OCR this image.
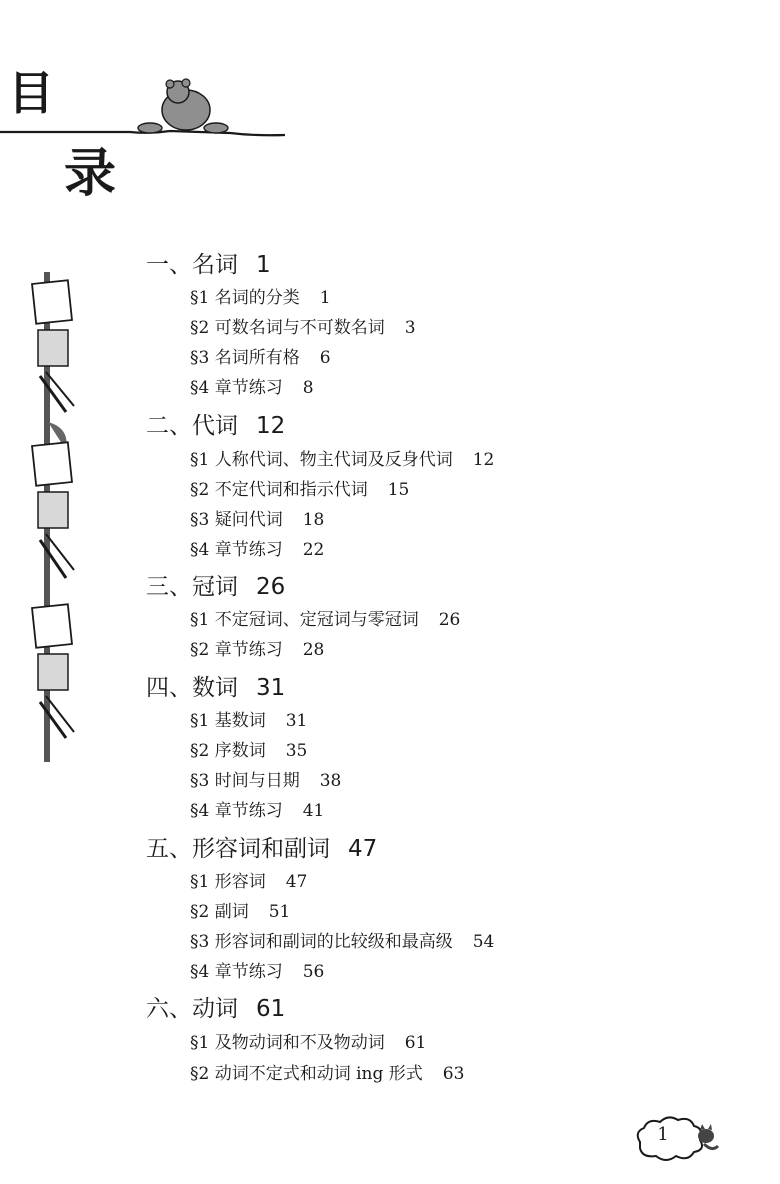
目
录
一、名词 1
§1 名词的分类 1
§2 可数名词与不可数名词 3
§3 名词所有格 6
§4 章节练习 8
二、代词 12
§1 人称代词、物主代词及反身代词 12
§2 不定代词和指示代词 15
§3 疑问代词 18
§4 章节练习 22
三、冠词 26
§1 不定冠词、定冠词与零冠词 26
§2 章节练习 28
四、数词 31
§1 基数词 31
§2 序数词 35
§3 时间与日期 38
§4 章节练习 41
五、形容词和副词 47
§1 形容词 47
§2 副词 51
§3 形容词和副词的比较级和最高级 54
§4 章节练习 56
六、动词 61
§1 及物动词和不及物动词 61
§2 动词不定式和动词 ing 形式 63
1
